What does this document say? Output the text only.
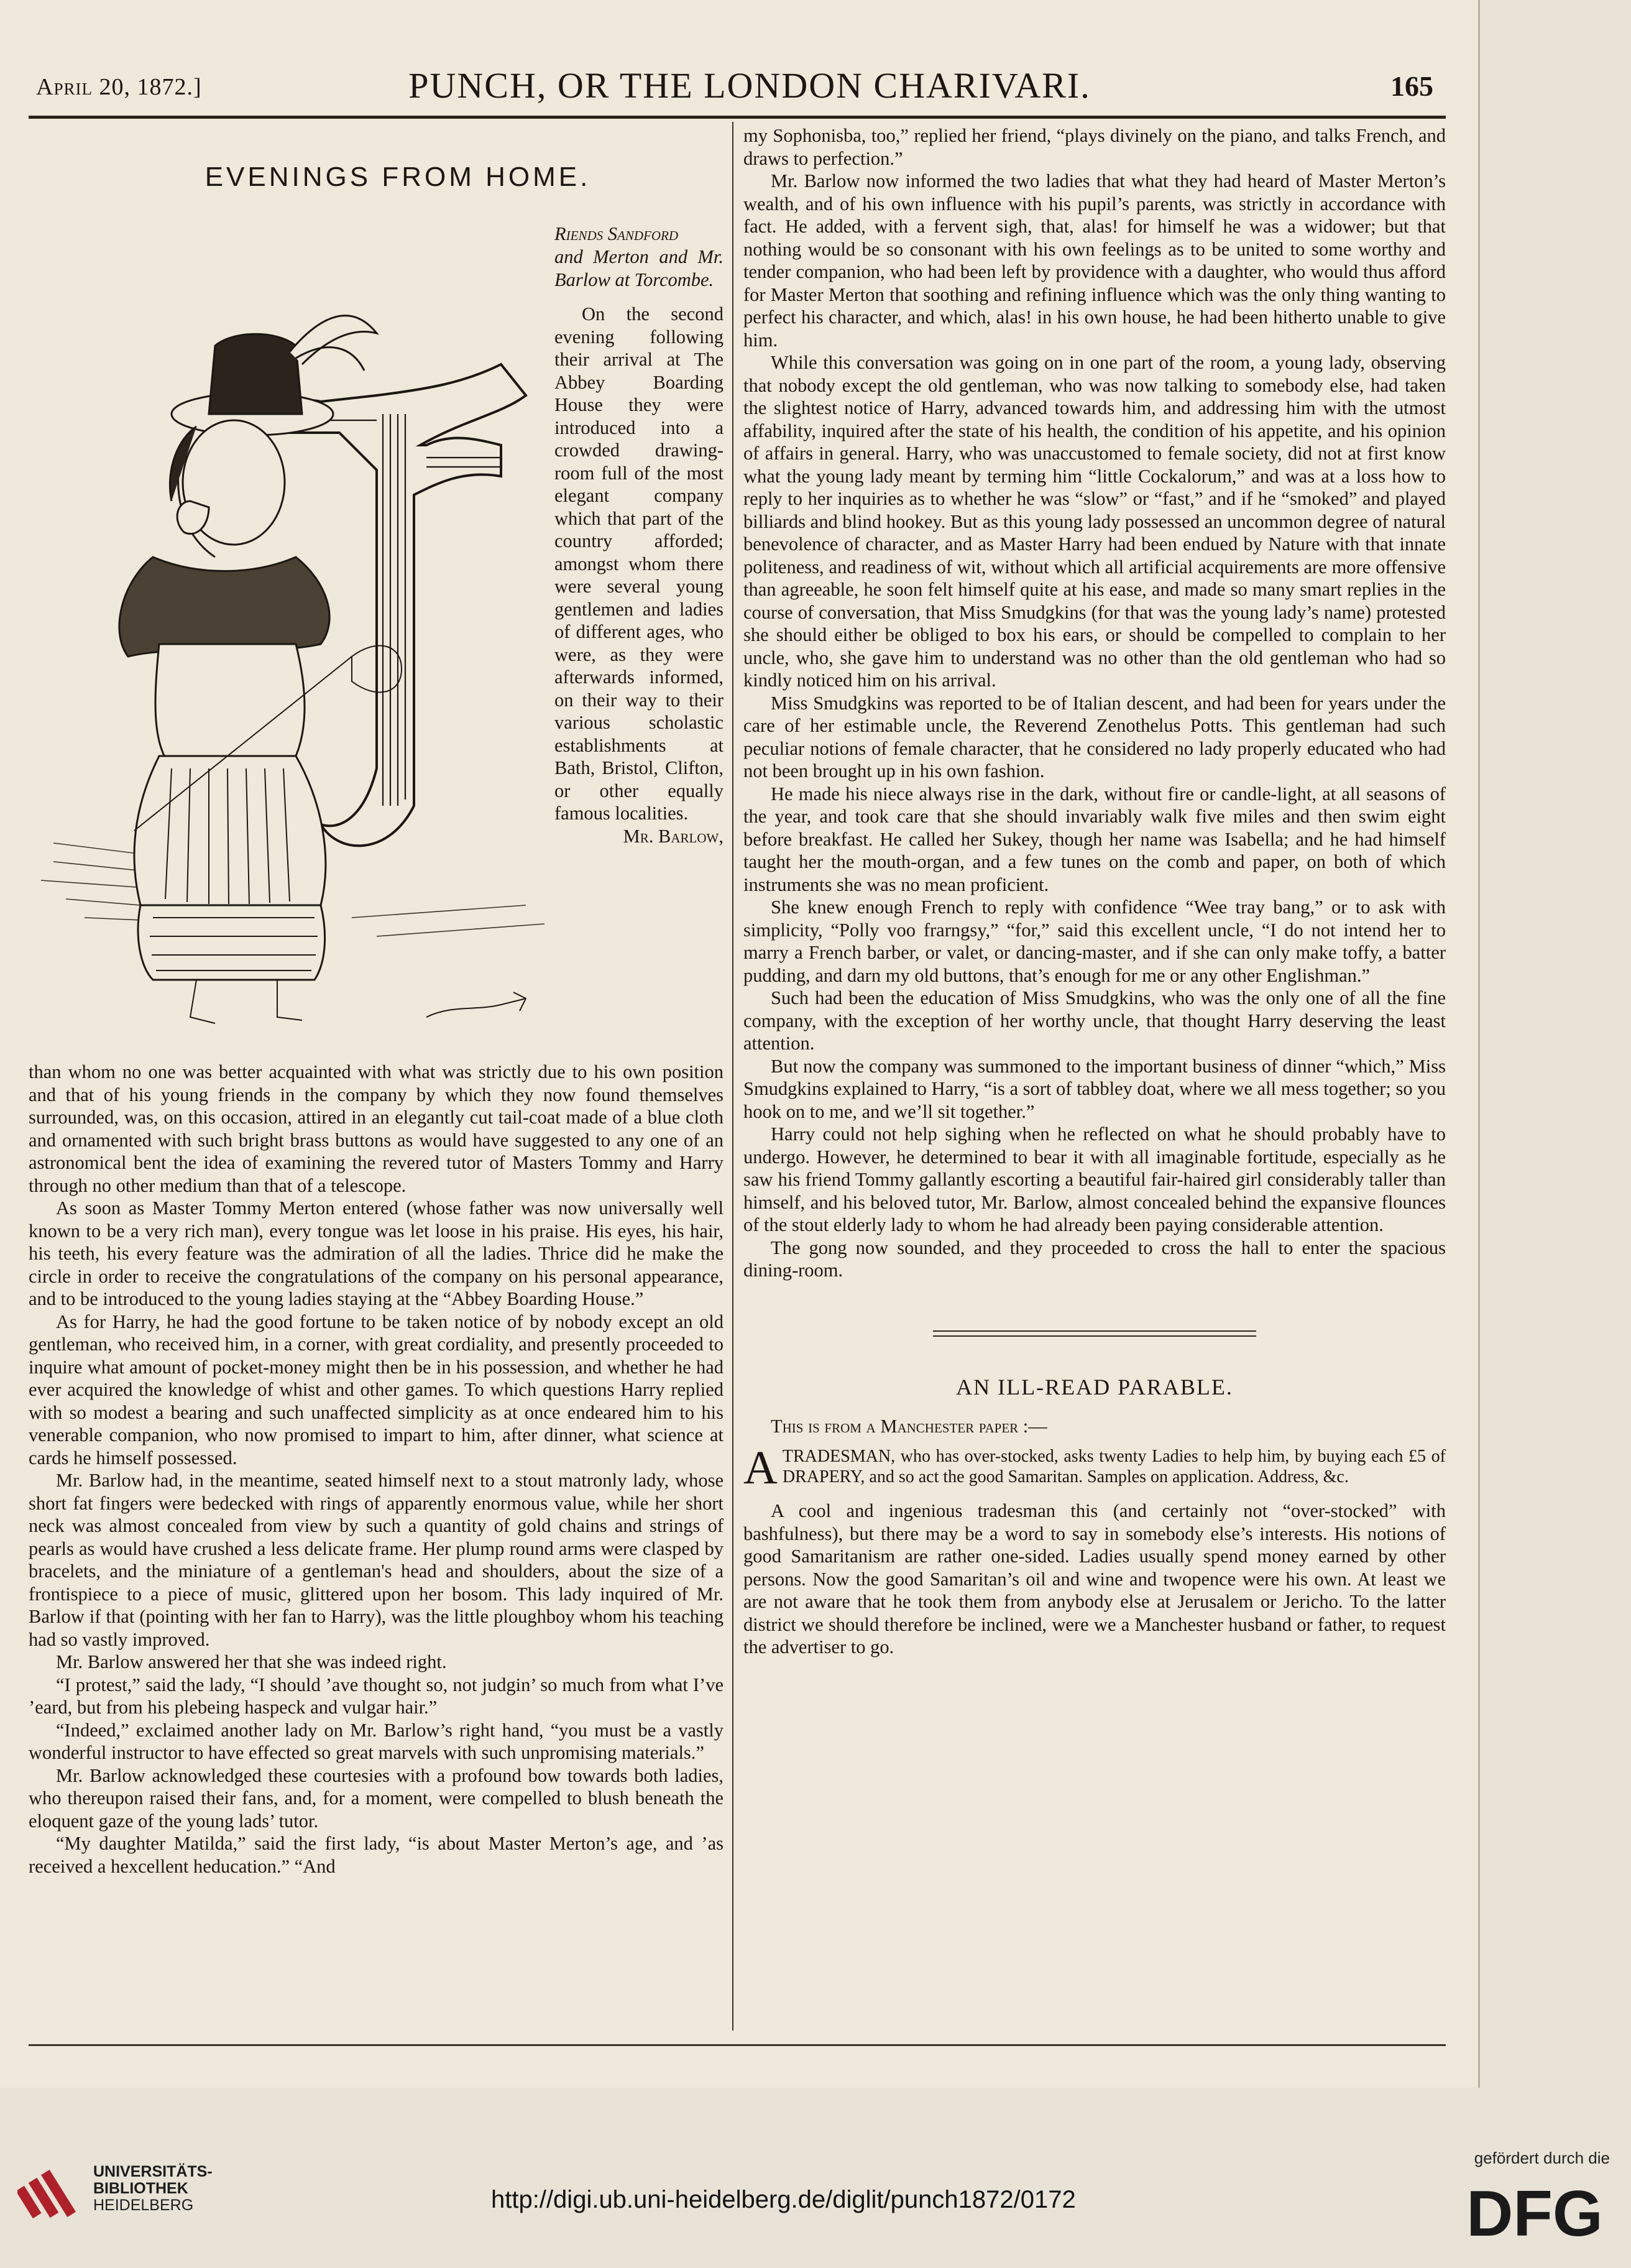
April 20, 1872.]	PUNCH, OR THE LONDON CHARIVARI.	165
EVENINGS FROM HOME.

Riends Sandford

and Merton and Mr. Barlow at Torcombe.

On the second evening following their arrival at The Abbey Boarding House they were introduced into a crowded drawing-room full of the most elegant company which that part of the country afforded; amongst whom there were several young gentlemen and ladies of different ages, who were, as they were afterwards informed, on their way to their various scholastic establishments at Bath, Bristol, Clifton, or other equally famous localities.

Mr. Barlow,

than whom no one was better acquainted with what was strictly due to his own position and that of his young friends in the company by which they now found themselves surrounded, was, on this occasion, attired in an elegantly cut tail-coat made of a blue cloth and ornamented with such bright brass buttons as would have suggested to any one of an astronomical bent the idea of examining the revered tutor of Masters Tommy and Harry through no other medium than that of a telescope.

As soon as Master Tommy Merton entered (whose father was now universally well known to be a very rich man), every tongue was let loose in his praise. His eyes, his hair, his teeth, his every feature was the admiration of all the ladies. Thrice did he make the circle in order to receive the congratulations of the company on his personal appearance, and to be introduced to the young ladies staying at the “Abbey Boarding House.”

As for Harry, he had the good fortune to be taken notice of by nobody except an old gentleman, who received him, in a corner, with great cordiality, and presently proceeded to inquire what amount of pocket-money might then be in his possession, and whether he had ever acquired the knowledge of whist and other games. To which questions Harry replied with so modest a bearing and such unaffected simplicity as at once endeared him to his venerable companion, who now promised to impart to him, after dinner, what science at cards he himself possessed.

Mr. Barlow had, in the meantime, seated himself next to a stout matronly lady, whose short fat fingers were bedecked with rings of apparently enormous value, while her short neck was almost concealed from view by such a quantity of gold chains and strings of pearls as would have crushed a less delicate frame. Her plump round arms were clasped by bracelets, and the miniature of a gentleman's head and shoulders, about the size of a frontispiece to a piece of music, glittered upon her bosom. This lady inquired of Mr. Barlow if that (pointing with her fan to Harry), was the little ploughboy whom his teaching had so vastly improved.

Mr. Barlow answered her that she was indeed right.

“I protest,” said the lady, “I should ’ave thought so, not judgin’ so much from what I’ve ’eard, but from his plebeing haspeck and vulgar hair.”

“Indeed,” exclaimed another lady on Mr. Barlow’s right hand, “you must be a vastly wonderful instructor to have effected so great marvels with such unpromising materials.”

Mr. Barlow acknowledged these courtesies with a profound bow towards both ladies, who thereupon raised their fans, and, for a moment, were compelled to blush beneath the eloquent gaze of the young lads’ tutor.

“My daughter Matilda,” said the first lady, “is about Master Merton’s age, and ’as received a hexcellent heducation.” “And

my Sophonisba, too,” replied her friend, “plays divinely on the piano, and talks French, and draws to perfection.”

Mr. Barlow now informed the two ladies that what they had heard of Master Merton’s wealth, and of his own influence with his pupil’s parents, was strictly in accordance with fact. He added, with a fervent sigh, that, alas! for himself he was a widower; but that nothing would be so consonant with his own feelings as to be united to some worthy and tender companion, who had been left by providence with a daughter, who would thus afford for Master Merton that soothing and refining influence which was the only thing wanting to perfect his character, and which, alas! in his own house, he had been hitherto unable to give him.

While this conversation was going on in one part of the room, a young lady, observing that nobody except the old gentleman, who was now talking to somebody else, had taken the slightest notice of Harry, advanced towards him, and addressing him with the utmost affability, inquired after the state of his health, the condition of his appetite, and his opinion of affairs in general. Harry, who was unaccustomed to female society, did not at first know what the young lady meant by terming him “little Cockalorum,” and was at a loss how to reply to her inquiries as to whether he was “slow” or “fast,” and if he “smoked” and played billiards and blind hookey. But as this young lady possessed an uncommon degree of natural benevolence of character, and as Master Harry had been endued by Nature with that innate politeness, and readiness of wit, without which all artificial acquirements are more offensive than agreeable, he soon felt himself quite at his ease, and made so many smart replies in the course of conversation, that Miss Smudgkins (for that was the young lady’s name) protested she should either be obliged to box his ears, or should be compelled to complain to her uncle, who, she gave him to understand was no other than the old gentleman who had so kindly noticed him on his arrival.

Miss Smudgkins was reported to be of Italian descent, and had been for years under the care of her estimable uncle, the Reverend Zenothelus Potts. This gentleman had such peculiar notions of female character, that he considered no lady properly educated who had not been brought up in his own fashion.

He made his niece always rise in the dark, without fire or candle-light, at all seasons of the year, and took care that she should invariably walk five miles and then swim eight before breakfast. He called her Sukey, though her name was Isabella; and he had himself taught her the mouth-organ, and a few tunes on the comb and paper, on both of which instruments she was no mean proficient.

She knew enough French to reply with confidence “Wee tray bang,” or to ask with simplicity, “Polly voo frarngsy,” “for,” said this excellent uncle, “I do not intend her to marry a French barber, or valet, or dancing-master, and if she can only make toffy, a batter pudding, and darn my old buttons, that’s enough for me or any other Englishman.”

Such had been the education of Miss Smudgkins, who was the only one of all the fine company, with the exception of her worthy uncle, that thought Harry deserving the least attention.

But now the company was summoned to the important business of dinner “which,” Miss Smudgkins explained to Harry, “is a sort of tabbley doat, where we all mess together; so you hook on to me, and we’ll sit together.”

Harry could not help sighing when he reflected on what he should probably have to undergo. However, he determined to bear it with all imaginable fortitude, especially as he saw his friend Tommy gallantly escorting a beautiful fair-haired girl considerably taller than himself, and his beloved tutor, Mr. Barlow, almost concealed behind the expansive flounces of the stout elderly lady to whom he had already been paying considerable attention.

The gong now sounded, and they proceeded to cross the hall to enter the spacious dining-room.

AN ILL-READ PARABLE.

This is from a Manchester paper :—

A TRADESMAN, who has over-stocked, asks twenty Ladies to help him, by buying each £5 of DRAPERY, and so act the good Samaritan. Samples on application. Address, &c.

A cool and ingenious tradesman this (and certainly not “over-stocked” with bashfulness), but there may be a word to say in somebody else’s interests. His notions of good Samaritanism are rather one-sided. Ladies usually spend money earned by other persons. Now the good Samaritan’s oil and wine and twopence were his own. At least we are not aware that he took them from anybody else at Jerusalem or Jericho. To the latter district we should therefore be inclined, were we a Manchester husband or father, to request the advertiser to go.

UNIVERSITÄTS-
BIBLIOTHEK
HEIDELBERG	http://digi.ub.uni-heidelberg.de/diglit/punch1872/0172
gefördert durch die
DFG
